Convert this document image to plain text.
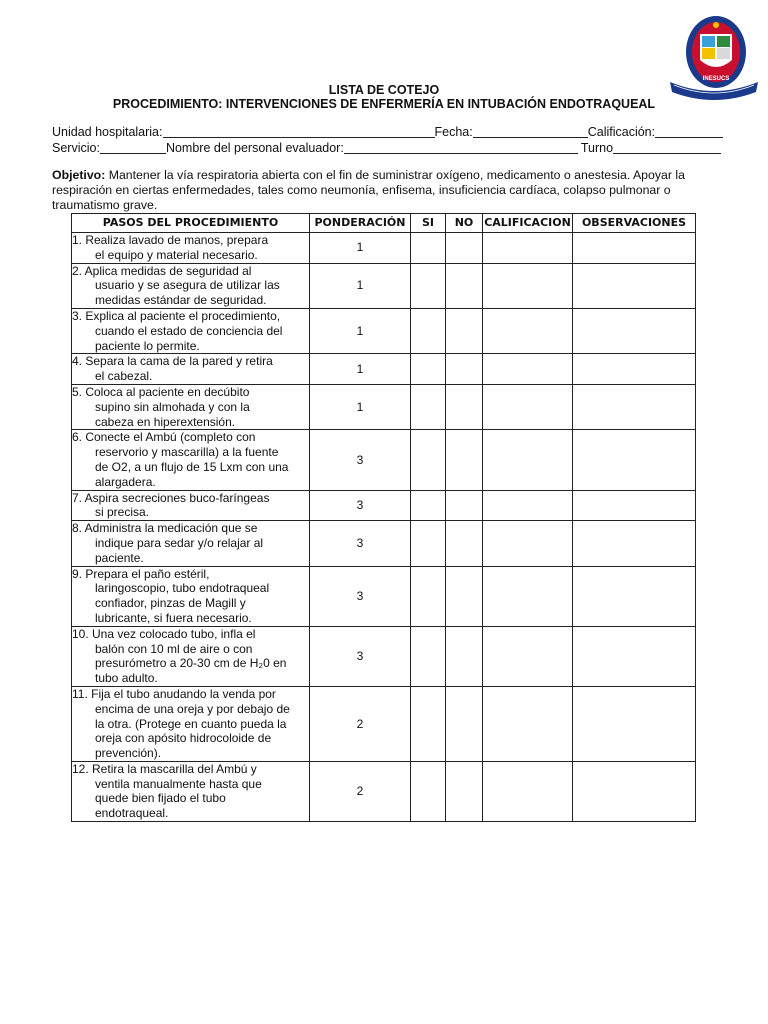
INESUCS
LISTA DE COTEJO
PROCEDIMIENTO: INTERVENCIONES DE ENFERMERÍA EN INTUBACIÓN ENDOTRAQUEAL
Unidad hospitalaria:	Fecha:	Calificación:
Servicio:	Nombre del personal evaluador:	Turno
Objetivo: Mantener la vía respiratoria abierta con el fin de suministrar oxígeno, medicamento o anestesia. Apoyar la respiración en ciertas enfermedades, tales como neumonía, enfisema, insuficiencia cardíaca, colapso pulmonar o traumatismo grave.
PASOS DEL PROCEDIMIENTO	PONDERACIÓN	SI	NO	CALIFICACION	OBSERVACIONES

1. Realiza lavado de manos, prepara
el equipo y material necesario.	1				

2. Aplica medidas de seguridad al
usuario y se asegura de utilizar las
medidas estándar de seguridad.	1				

3. Explica al paciente el procedimiento,
cuando el estado de conciencia del
paciente lo permite.	1				

4. Separa la cama de la pared y retira
el cabezal.	1				

5. Coloca al paciente en decúbito
supino sin almohada y con la
cabeza en hiperextensión.	1				

6. Conecte el Ambú (completo con
reservorio y mascarilla) a la fuente
de O2, a un flujo de 15 Lxm con una
alargadera.	3				

7. Aspira secreciones buco-faríngeas
si precisa.	3				

8. Administra la medicación que se
indique para sedar y/o relajar al
paciente.	3				

9. Prepara el paño estéril,
laringoscopio, tubo endotraqueal
confiador, pinzas de Magill y
lubricante, si fuera necesario.	3				

10. Una vez colocado tubo, infla el
balón con 10 ml de aire o con
presurómetro a 20-30 cm de H₂0 en
tubo adulto.	3				

11. Fija el tubo anudando la venda por
encima de una oreja y por debajo de
la otra. (Protege en cuanto pueda la
oreja con apósito hidrocoloide de
prevención).	2				

12. Retira la mascarilla del Ambú y
ventila manualmente hasta que
quede bien fijado el tubo
endotraqueal.	2				
